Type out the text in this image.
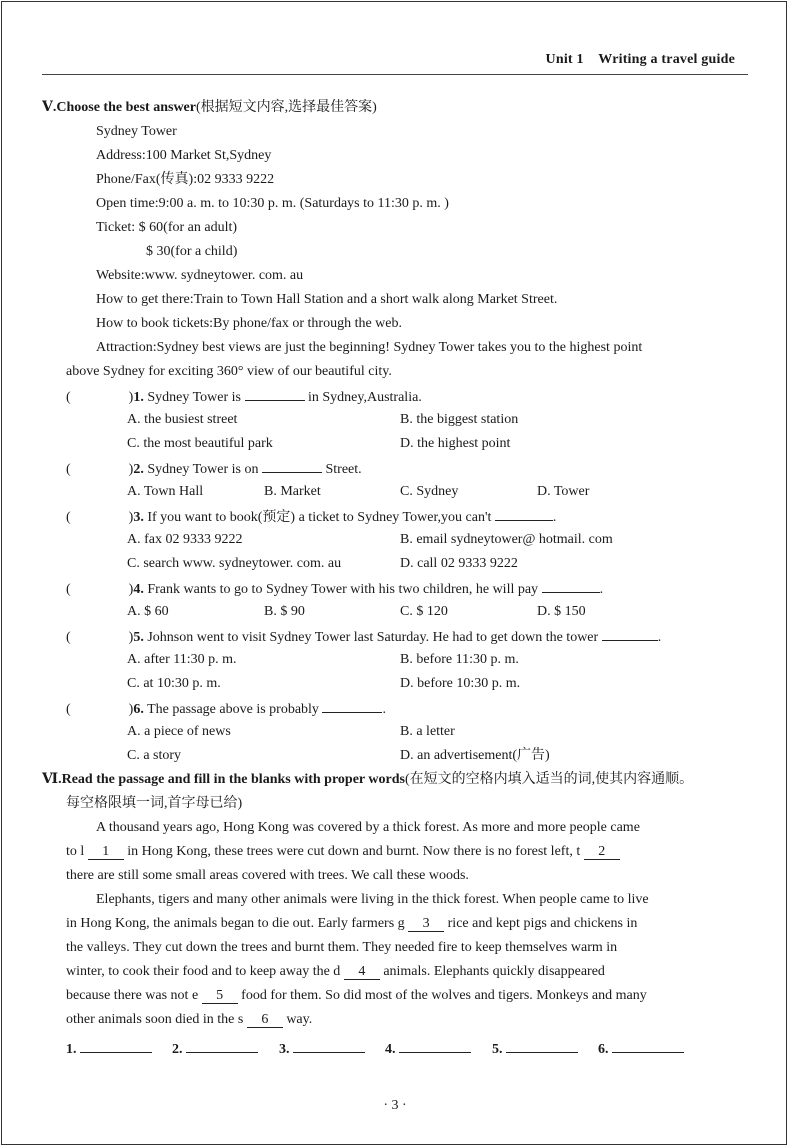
Unit 1    Writing a travel guide
Ⅴ.Choose the best answer(根据短文内容,选择最佳答案)
Sydney Tower
Address:100 Market St,Sydney
Phone/Fax(传真):02 9333 9222
Open time:9:00 a. m. to 10:30 p. m. (Saturdays to 11:30 p. m. )
Ticket: $ 60(for an adult)
$ 30(for a child)
Website:www. sydneytower. com. au
How to get there:Train to Town Hall Station and a short walk along Market Street.
How to book tickets:By phone/fax or through the web.
Attraction:Sydney best views are just the beginning! Sydney Tower takes you to the highest point
above Sydney for exciting 360° view of our beautiful city.
(	)1. Sydney Tower is	in Sydney,Australia.
A. the busiest street	B. the biggest station
C. the most beautiful park	D. the highest point
(	)2. Sydney Tower is on	Street.
A. Town Hall	B. Market	C. Sydney	D. Tower
(	)3. If you want to book(预定) a ticket to Sydney Tower,you can't	.
A. fax 02 9333 9222	B. email sydneytower@ hotmail. com
C. search www. sydneytower. com. au	D. call 02 9333 9222
(	)4. Frank wants to go to Sydney Tower with his two children, he will pay	.
A. $ 60	B. $ 90	C. $ 120	D. $ 150
(	)5. Johnson went to visit Sydney Tower last Saturday. He had to get down the tower	.
A. after 11:30 p. m.	B. before 11:30 p. m.
C. at 10:30 p. m.	D. before 10:30 p. m.
(	)6. The passage above is probably	.
A. a piece of news	B. a letter
C. a story	D. an advertisement(广告)
Ⅵ.Read the passage and fill in the blanks with proper words(在短文的空格内填入适当的词,使其内容通顺。
每空格限填一词,首字母已给)
A thousand years ago, Hong Kong was covered by a thick forest. As more and more people came
to l 1 in Hong Kong, these trees were cut down and burnt. Now there is no forest left, t 2
there are still some small areas covered with trees. We call these woods.
Elephants, tigers and many other animals were living in the thick forest. When people came to live
in Hong Kong, the animals began to die out. Early farmers g 3 rice and kept pigs and chickens in
the valleys. They cut down the trees and burnt them. They needed fire to keep themselves warm in
winter, to cook their food and to keep away the d 4 animals. Elephants quickly disappeared
because there was not e 5 food for them. So did most of the wolves and tigers. Monkeys and many
other animals soon died in the s 6 way.
1.	2.	3.	4.	5.	6.
· 3 ·
